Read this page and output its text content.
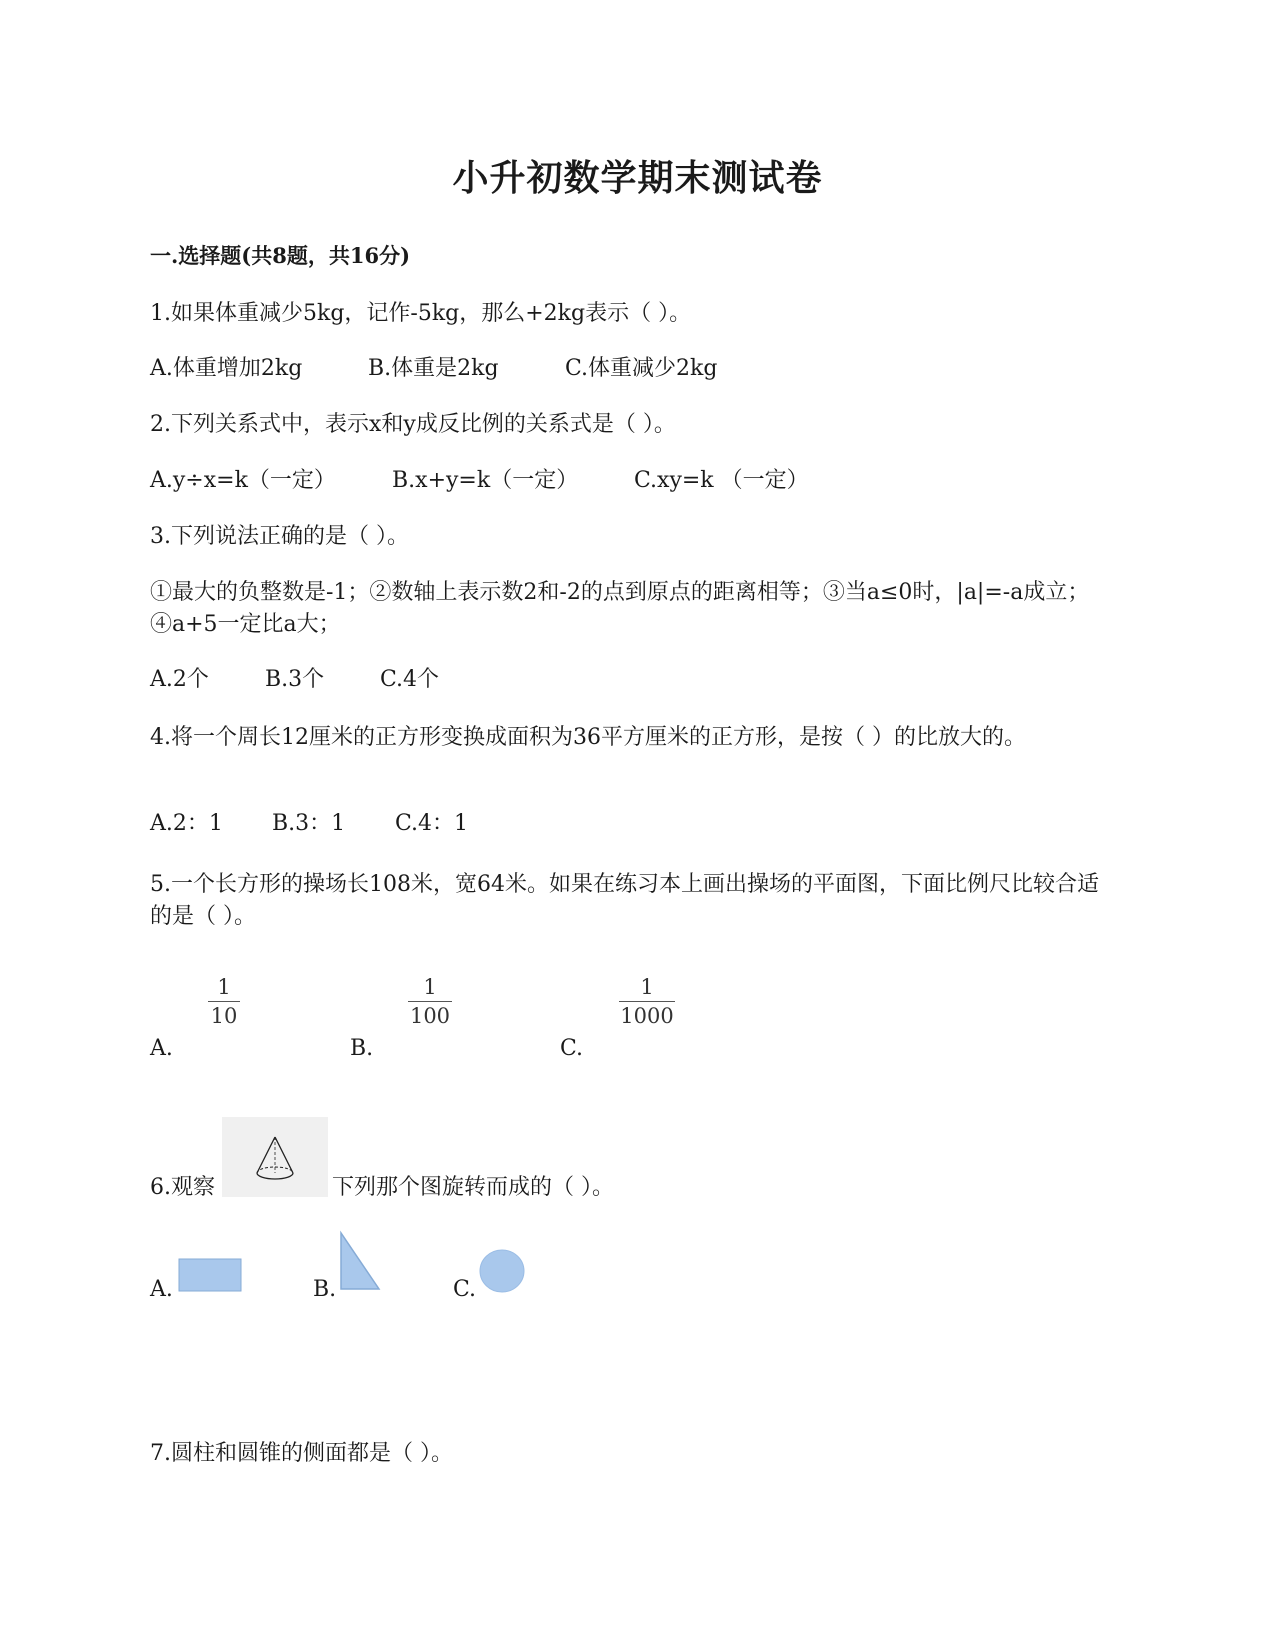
小升初数学期末测试卷
一.选择题(共8题，共16分)

1.如果体重减少5kg，记作-5kg，那么+2kg表示（ ）。

A.体重增加2kg	B.体重是2kg	C.体重减少2kg

2.下列关系式中，表示x和y成反比例的关系式是（ ）。

A.y÷x=k（一定）	B.x+y=k（一定）	C.xy=k （一定）

3.下列说法正确的是（ ）。

①最大的负整数是-1；②数轴上表示数2和-2的点到原点的距离相等；③当a≤0时，|a|=-a成立；④a+5一定比a大；

A.2个	B.3个	C.4个

4.将一个周长12厘米的正方形变换成面积为36平方厘米的正方形，是按（ ）的比放大的。

A.2：1 B.3：1 C.4：1

5.一个长方形的操场长108米，宽64米。如果在练习本上画出操场的平面图，下面比例尺比较合适的是（ ）。

A.	B.	C.
1
10
1
100
1
1000

6.观察	下列那个图旋转而成的（ ）。

A.	B.	C.

7.圆柱和圆锥的侧面都是（ ）。
